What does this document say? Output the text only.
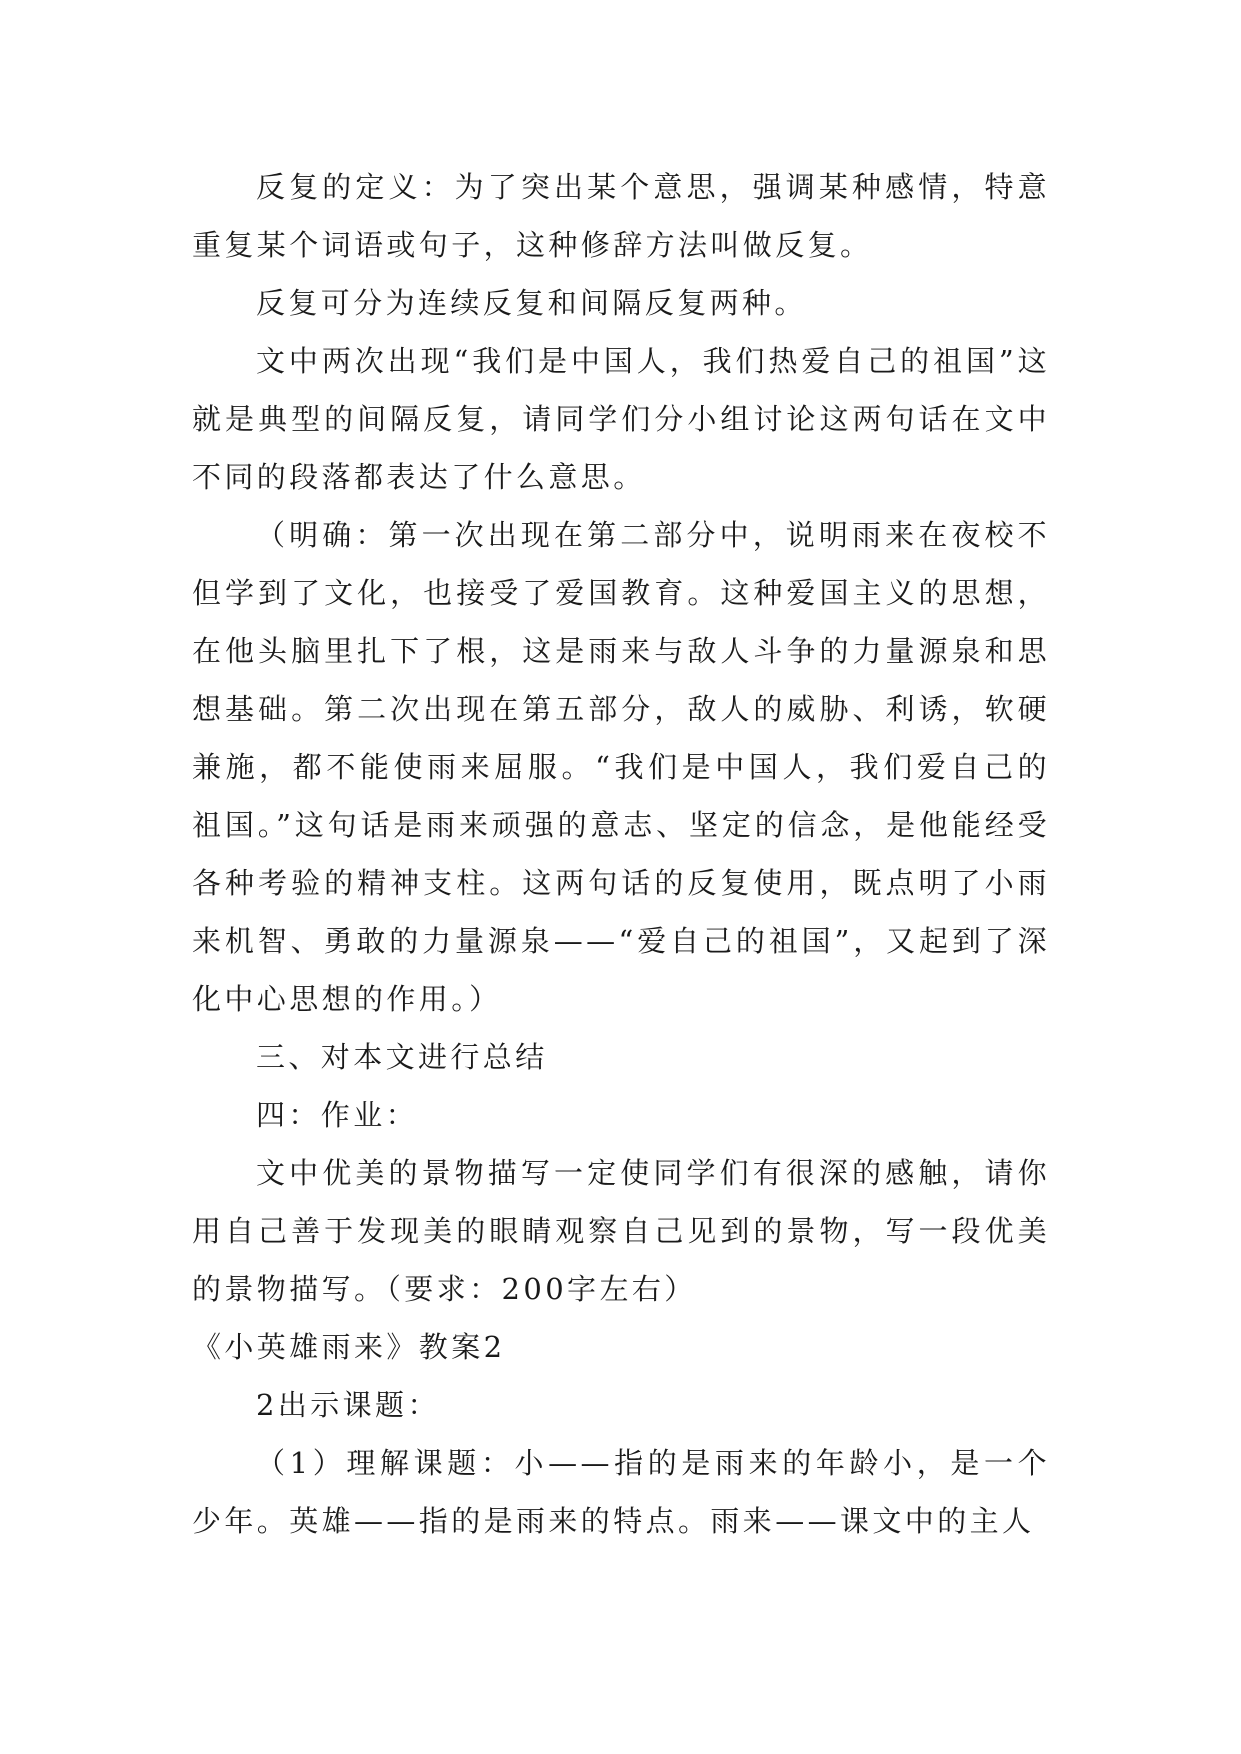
反复的定义：为了突出某个意思，强调某种感情，特意重复某个词语或句子，这种修辞方法叫做反复。

反复可分为连续反复和间隔反复两种。

文中两次出现“我们是中国人，我们热爱自己的祖国”这就是典型的间隔反复，请同学们分小组讨论这两句话在文中不同的段落都表达了什么意思。

（明确：第一次出现在第二部分中，说明雨来在夜校不但学到了文化，也接受了爱国教育。这种爱国主义的思想，在他头脑里扎下了根，这是雨来与敌人斗争的力量源泉和思想基础。第二次出现在第五部分，敌人的威胁、利诱，软硬兼施，都不能使雨来屈服。“我们是中国人，我们爱自己的祖国。”这句话是雨来顽强的意志、坚定的信念，是他能经受各种考验的精神支柱。这两句话的反复使用，既点明了小雨来机智、勇敢的力量源泉——“爱自己的祖国”，又起到了深化中心思想的作用。）

三、对本文进行总结

四：作业：

文中优美的景物描写一定使同学们有很深的感触，请你用自己善于发现美的眼睛观察自己见到的景物，写一段优美的景物描写。（要求：200字左右）

《小英雄雨来》教案2

2出示课题：

（1）理解课题：小——指的是雨来的年龄小，是一个少年。英雄——指的是雨来的特点。雨来——课文中的主人
